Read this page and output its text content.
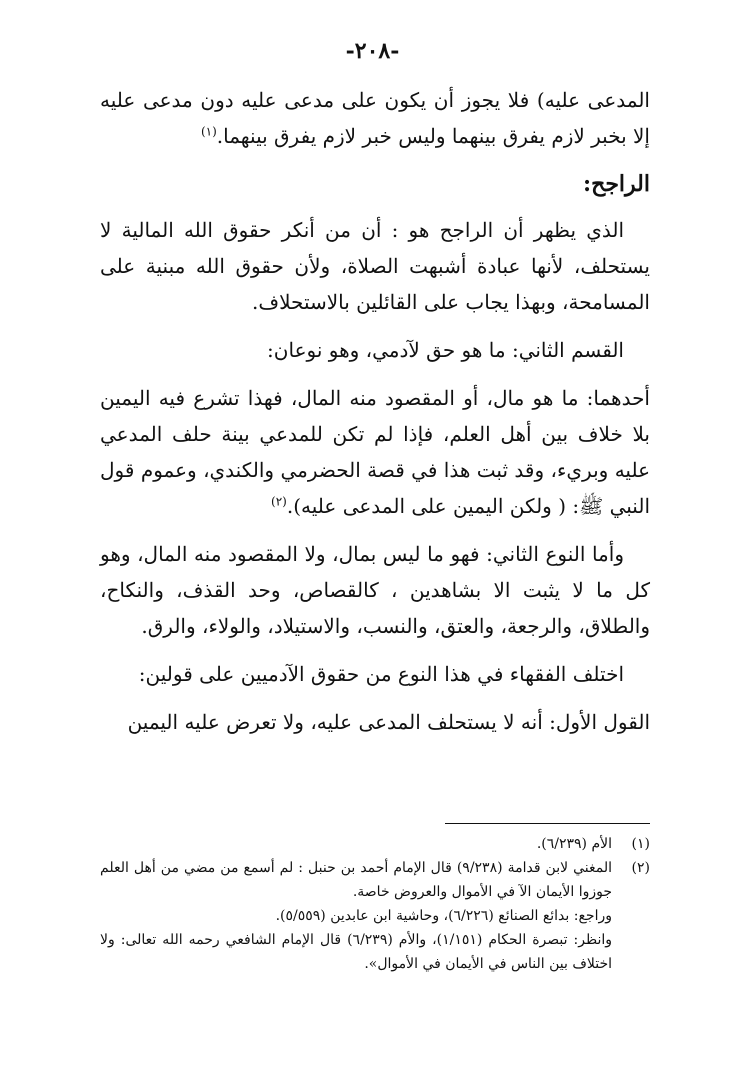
-٢٠٨-

المدعى عليه) فلا يجوز أن يكون على مدعى عليه دون مدعى عليه إلا بخبر لازم يفرق بينهما وليس خبر لازم يفرق بينهما.$^{(١)}$

الراجح:

الذي يظهر أن الراجح هو : أن من أنكر حقوق الله المالية لا يستحلف، لأنها عبادة أشبهت الصلاة، ولأن حقوق الله مبنية على المسامحة، وبهذا يجاب على القائلين بالاستحلاف.

القسم الثاني: ما هو حق لآدمي، وهو نوعان:

أحدهما: ما هو مال، أو المقصود منه المال، فهذا تشرع فيه اليمين بلا خلاف بين أهل العلم، فإذا لم تكن للمدعي بينة حلف المدعي عليه وبريء، وقد ثبت هذا في قصة الحضرمي والكندي، وعموم قول النبي ﷺ: ( ولكن اليمين على المدعى عليه).$^{(٢)}$

وأما النوع الثاني: فهو ما ليس بمال، ولا المقصود منه المال، وهو كل ما لا يثبت الا بشاهدين ، كالقصاص، وحد القذف، والنكاح، والطلاق، والرجعة، والعتق، والنسب، والاستيلاد، والولاء، والرق.

اختلف الفقهاء في هذا النوع من حقوق الآدميين على قولين:

القول الأول: أنه لا يستحلف المدعى عليه، ولا تعرض عليه اليمين

(١)

الأم (٦/٢٣٩).

(٢)

المغني لابن قدامة (٩/٢٣٨) قال الإمام أحمد بن حنبل : لم أسمع من مضي من أهل العلم جوزوا الأيمان الآ في الأموال والعروض خاصة.

وراجع: بدائع الصنائع (٦/٢٢٦)، وحاشية ابن عابدين (٥/٥٥٩).

وانظر: تبصرة الحكام (١/١٥١)، والأم (٦/٢٣٩) قال الإمام الشافعي رحمه الله تعالى: ولا اختلاف بين الناس في الأيمان في الأموال».
